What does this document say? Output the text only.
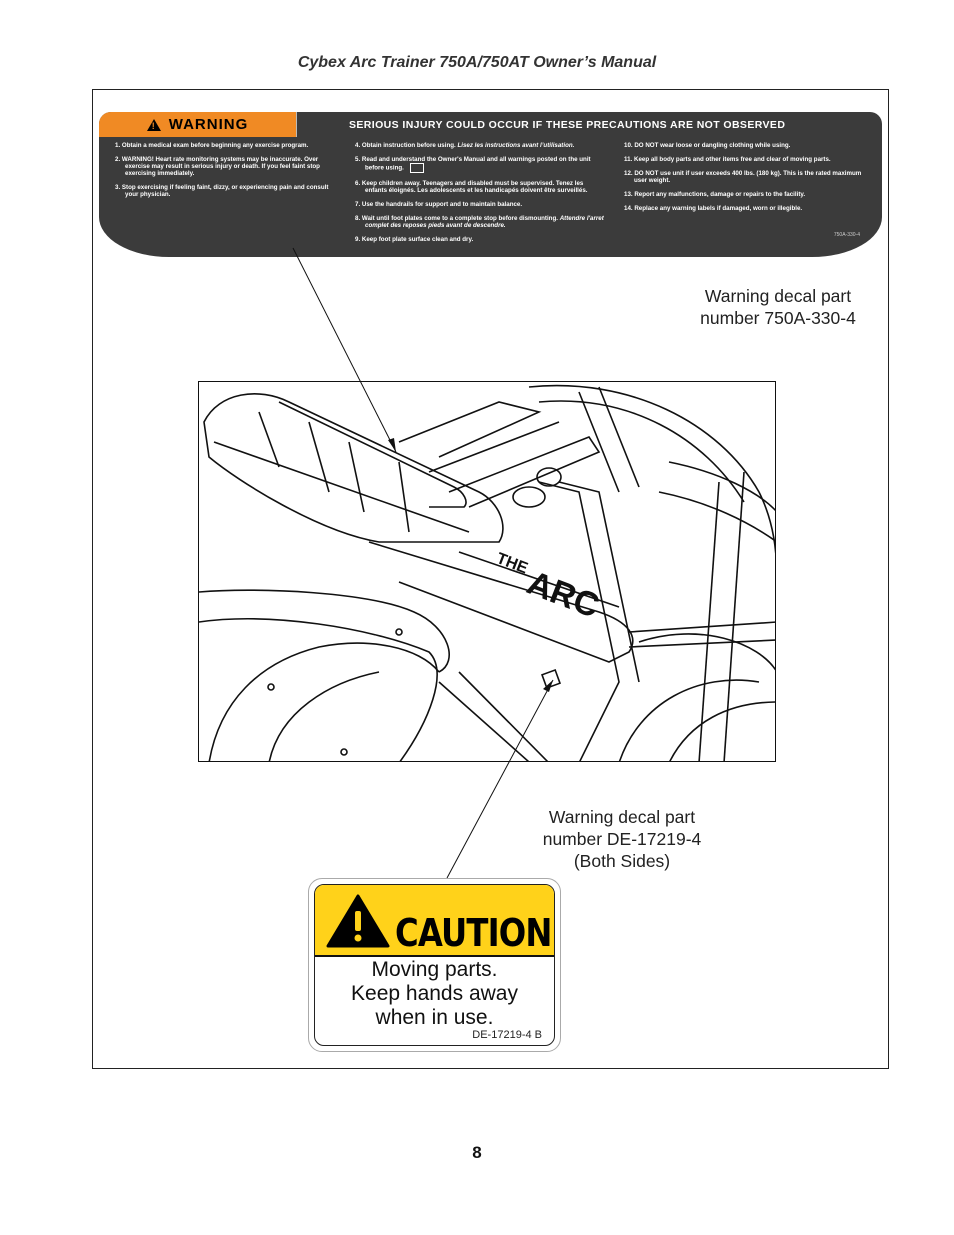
Cybex Arc Trainer 750A/750AT Owner’s Manual
! WARNING	SERIOUS INJURY COULD OCCUR IF THESE PRECAUTIONS ARE NOT OBSERVED

1. Obtain a medical exam before beginning any exercise program.

2. WARNING! Heart rate monitoring systems may be inaccurate. Over exercise may result in serious injury or death. If you feel faint stop exercising immediately.

3. Stop exercising if feeling faint, dizzy, or experiencing pain and consult your physician.

4. Obtain instruction before using. Lisez les instructions avant l’utilisation.

5. Read and understand the Owner's Manual and all warnings posted on the unit before using.

6. Keep children away. Teenagers and disabled must be supervised. Tenez les enfants éloignés. Les adolescents et les handicapés doivent être surveillés.

7. Use the handrails for support and to maintain balance.

8. Wait until foot plates come to a complete stop before dismounting. Attendre l'arret complet des reposes pieds avant de descendre.

9. Keep foot plate surface clean and dry.

10. DO NOT wear loose or dangling clothing while using.

11. Keep all body parts and other items free and clear of moving parts.

12. DO NOT use unit if user exceeds 400 lbs. (180 kg). This is the rated maximum user weight.

13. Report any malfunctions, damage or repairs to the facility.

14. Replace any warning labels if damaged, worn or illegible.

750A-330-4
Warning decal part
number 750A-330-4
THE
ARC
Warning decal part
number DE-17219-4
(Both Sides)
CAUTION
Moving parts.
Keep hands away
when in use.
DE-17219-4 B
8
